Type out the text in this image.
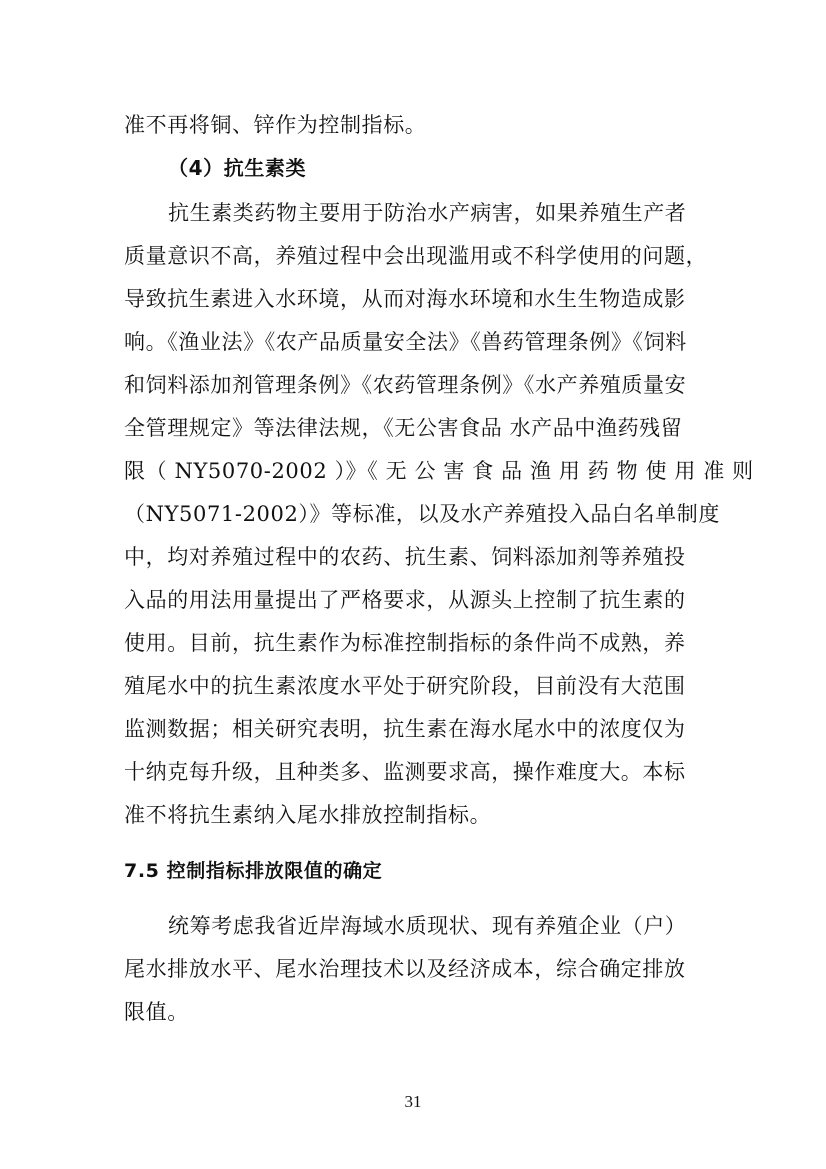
准不再将铜、锌作为控制指标。
（4）抗生素类
抗生素类药物主要用于防治水产病害，如果养殖生产者
质量意识不高，养殖过程中会出现滥用或不科学使用的问题，
导致抗生素进入水环境，从而对海水环境和水生生物造成影
响。《渔业法》《农产品质量安全法》《兽药管理条例》《饲料
和饲料添加剂管理条例》《农药管理条例》《水产养殖质量安
全管理规定》等法律法规，《无公害食品 水产品中渔药残留
限（ NY5070-2002 ）》《 无 公 害 食 品 渔 用 药 物 使 用 准 则
（NY5071-2002）》等标准，以及水产养殖投入品白名单制度
中，均对养殖过程中的农药、抗生素、饲料添加剂等养殖投
入品的用法用量提出了严格要求，从源头上控制了抗生素的
使用。目前，抗生素作为标准控制指标的条件尚不成熟，养
殖尾水中的抗生素浓度水平处于研究阶段，目前没有大范围
监测数据；相关研究表明，抗生素在海水尾水中的浓度仅为
十纳克每升级，且种类多、监测要求高，操作难度大。本标
准不将抗生素纳入尾水排放控制指标。
7.5 控制指标排放限值的确定
统筹考虑我省近岸海域水质现状、现有养殖企业（户）
尾水排放水平、尾水治理技术以及经济成本，综合确定排放
限值。
31
